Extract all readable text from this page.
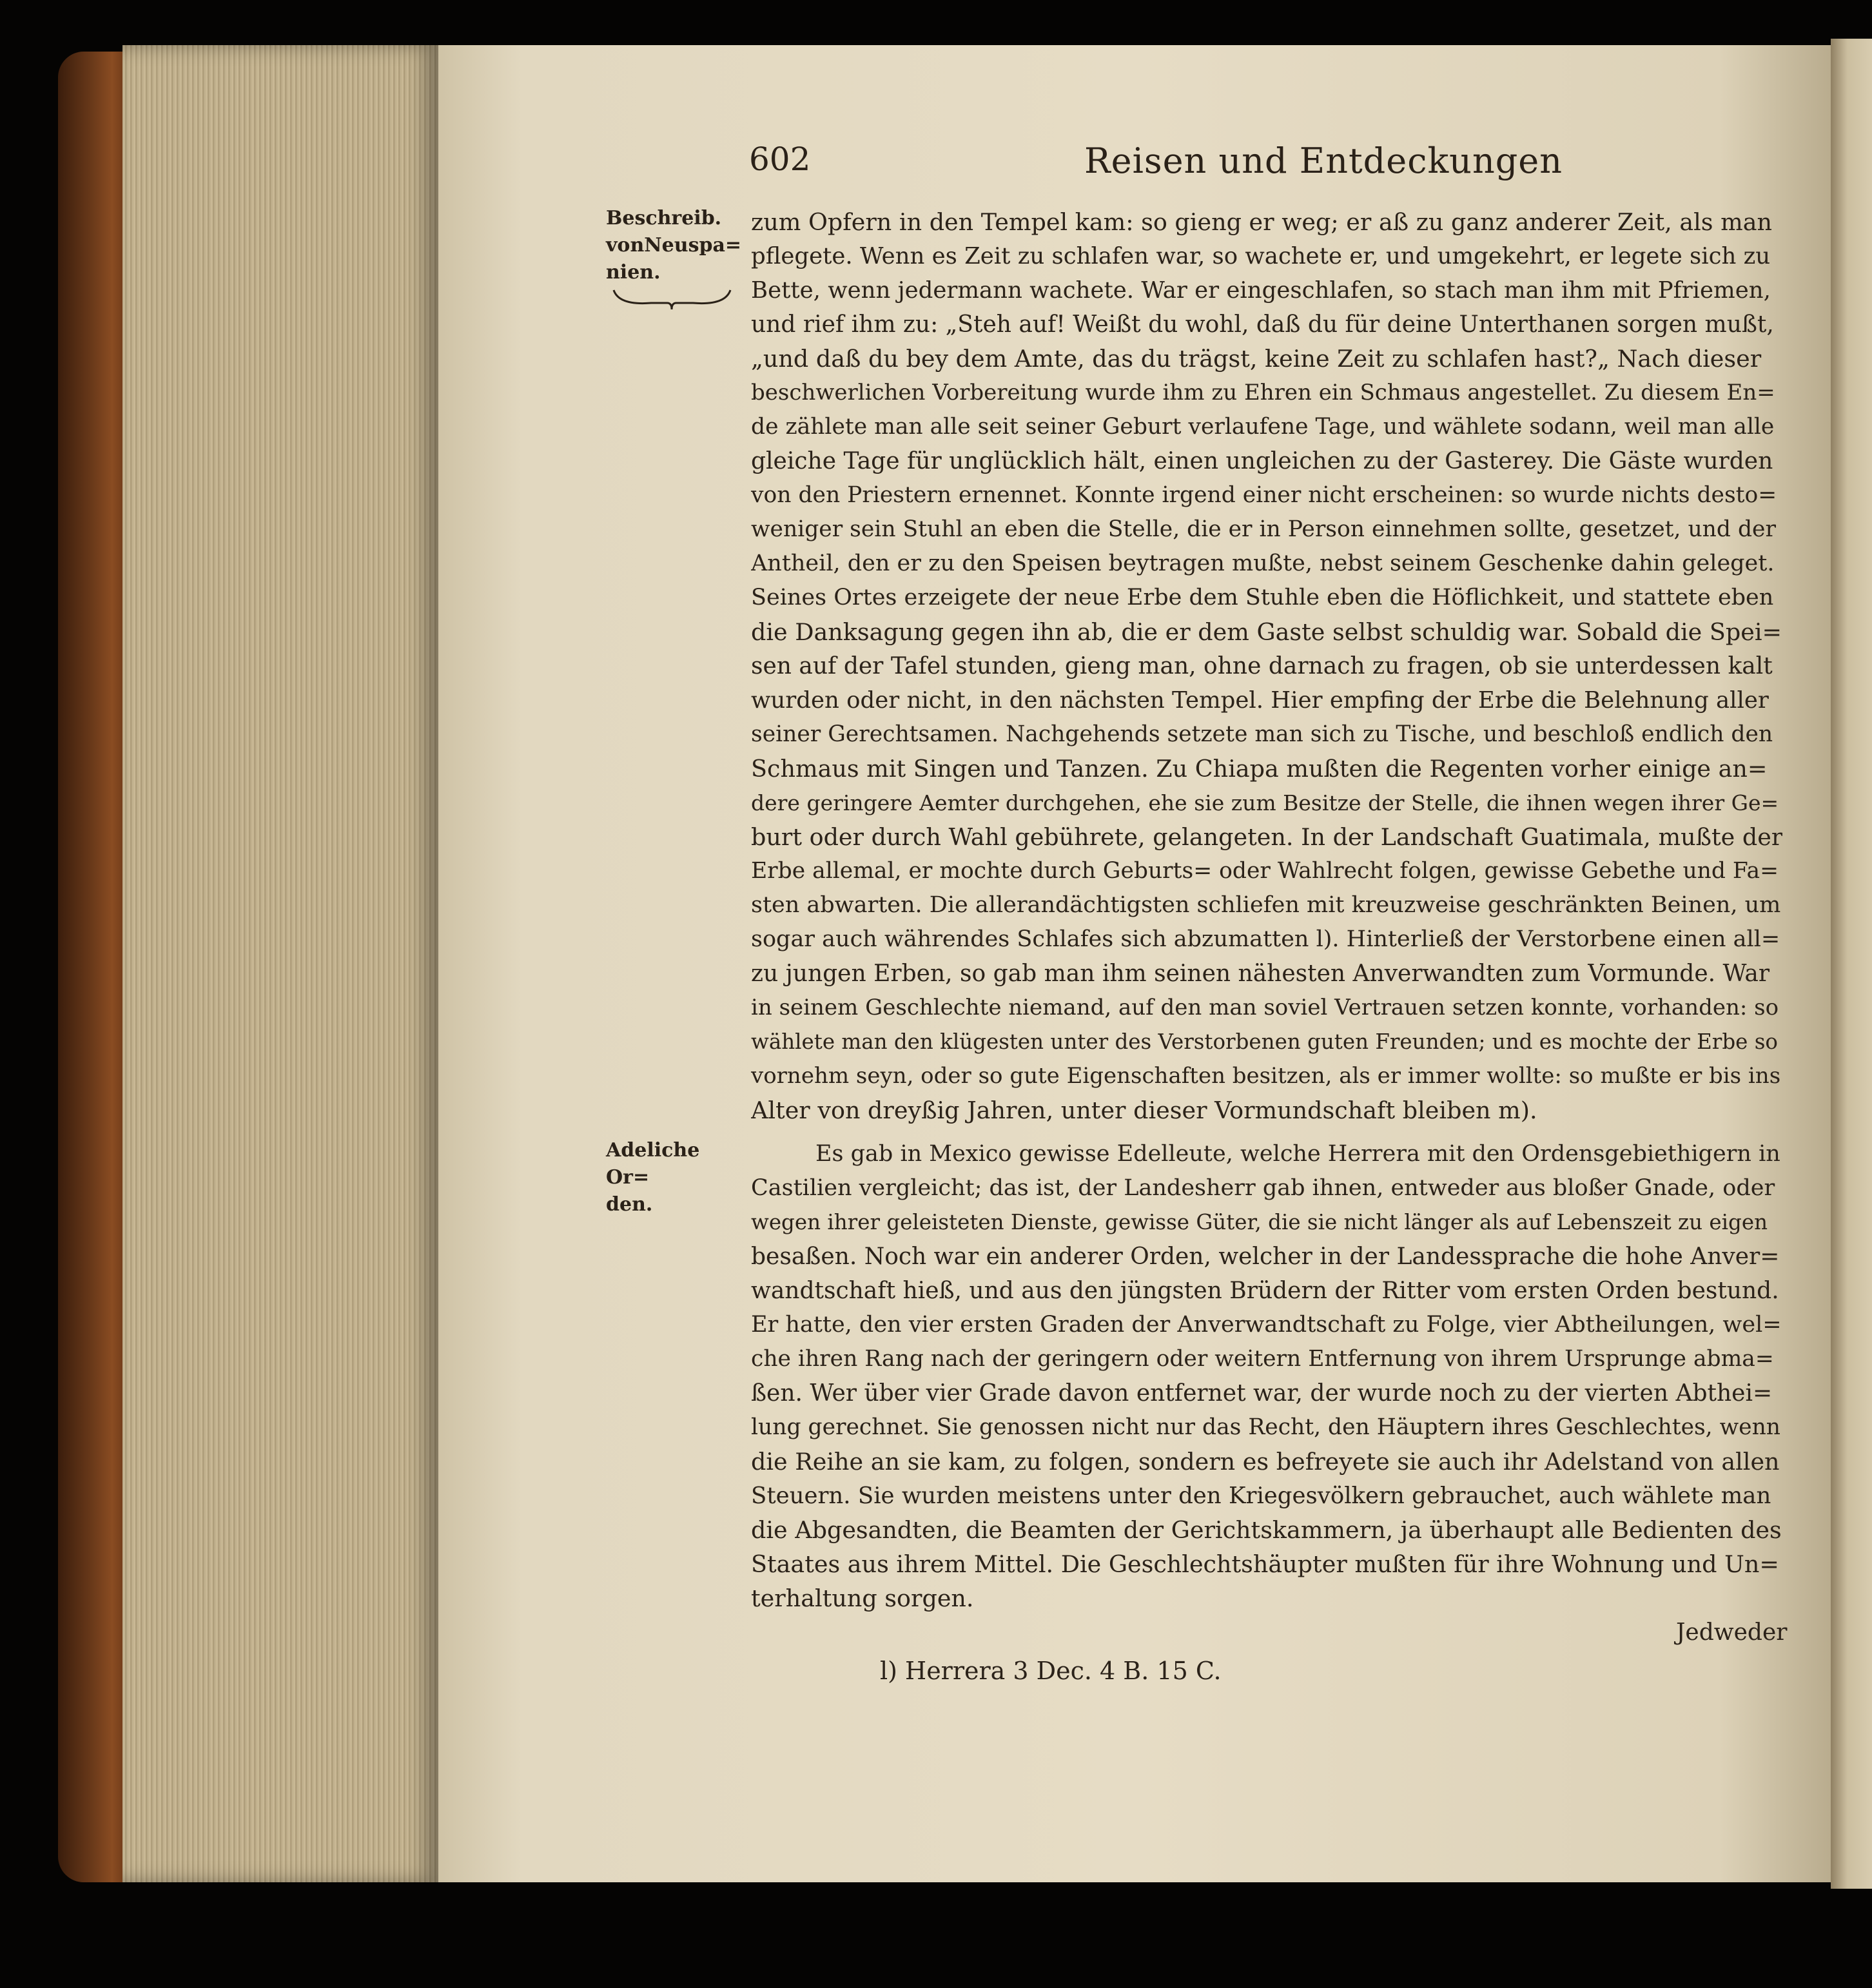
602	Reisen und Entdeckungen
Beschreib.
vonNeuspa=
nien.
Adeliche Or=
den.
zum Opfern in den Tempel kam: so gieng er weg; er aß zu ganz anderer Zeit, als man
pflegete. Wenn es Zeit zu schlafen war, so wachete er, und umgekehrt, er legete sich zu
Bette, wenn jedermann wachete. War er eingeschlafen, so stach man ihm mit Pfriemen,
und rief ihm zu: „Steh auf! Weißt du wohl, daß du für deine Unterthanen sorgen mußt,
„und daß du bey dem Amte, das du trägst, keine Zeit zu schlafen hast?„ Nach dieser
beschwerlichen Vorbereitung wurde ihm zu Ehren ein Schmaus angestellet. Zu diesem En=
de zählete man alle seit seiner Geburt verlaufene Tage, und wählete sodann, weil man alle
gleiche Tage für unglücklich hält, einen ungleichen zu der Gasterey. Die Gäste wurden
von den Priestern ernennet. Konnte irgend einer nicht erscheinen: so wurde nichts desto=
weniger sein Stuhl an eben die Stelle, die er in Person einnehmen sollte, gesetzet, und der
Antheil, den er zu den Speisen beytragen mußte, nebst seinem Geschenke dahin geleget.
Seines Ortes erzeigete der neue Erbe dem Stuhle eben die Höflichkeit, und stattete eben
die Danksagung gegen ihn ab, die er dem Gaste selbst schuldig war. Sobald die Spei=
sen auf der Tafel stunden, gieng man, ohne darnach zu fragen, ob sie unterdessen kalt
wurden oder nicht, in den nächsten Tempel. Hier empfing der Erbe die Belehnung aller
seiner Gerechtsamen. Nachgehends setzete man sich zu Tische, und beschloß endlich den
Schmaus mit Singen und Tanzen. Zu Chiapa mußten die Regenten vorher einige an=
dere geringere Aemter durchgehen, ehe sie zum Besitze der Stelle, die ihnen wegen ihrer Ge=
burt oder durch Wahl gebührete, gelangeten. In der Landschaft Guatimala, mußte der
Erbe allemal, er mochte durch Geburts= oder Wahlrecht folgen, gewisse Gebethe und Fa=
sten abwarten. Die allerandächtigsten schliefen mit kreuzweise geschränkten Beinen, um
sogar auch währendes Schlafes sich abzumatten l). Hinterließ der Verstorbene einen all=
zu jungen Erben, so gab man ihm seinen nähesten Anverwandten zum Vormunde. War
in seinem Geschlechte niemand, auf den man soviel Vertrauen setzen konnte, vorhanden: so
wählete man den klügesten unter des Verstorbenen guten Freunden; und es mochte der Erbe so
vornehm seyn, oder so gute Eigenschaften besitzen, als er immer wollte: so mußte er bis ins
Alter von dreyßig Jahren, unter dieser Vormundschaft bleiben m).
Es gab in Mexico gewisse Edelleute, welche Herrera mit den Ordensgebiethigern in
Castilien vergleicht; das ist, der Landesherr gab ihnen, entweder aus bloßer Gnade, oder
wegen ihrer geleisteten Dienste, gewisse Güter, die sie nicht länger als auf Lebenszeit zu eigen
besaßen. Noch war ein anderer Orden, welcher in der Landessprache die hohe Anver=
wandtschaft hieß, und aus den jüngsten Brüdern der Ritter vom ersten Orden bestund.
Er hatte, den vier ersten Graden der Anverwandtschaft zu Folge, vier Abtheilungen, wel=
che ihren Rang nach der geringern oder weitern Entfernung von ihrem Ursprunge abma=
ßen. Wer über vier Grade davon entfernet war, der wurde noch zu der vierten Abthei=
lung gerechnet. Sie genossen nicht nur das Recht, den Häuptern ihres Geschlechtes, wenn
die Reihe an sie kam, zu folgen, sondern es befreyete sie auch ihr Adelstand von allen
Steuern. Sie wurden meistens unter den Kriegesvölkern gebrauchet, auch wählete man
die Abgesandten, die Beamten der Gerichtskammern, ja überhaupt alle Bedienten des
Staates aus ihrem Mittel. Die Geschlechtshäupter mußten für ihre Wohnung und Un=
terhaltung sorgen.
Jedweder
l) Herrera 3 Dec. 4 B. 15 C.
